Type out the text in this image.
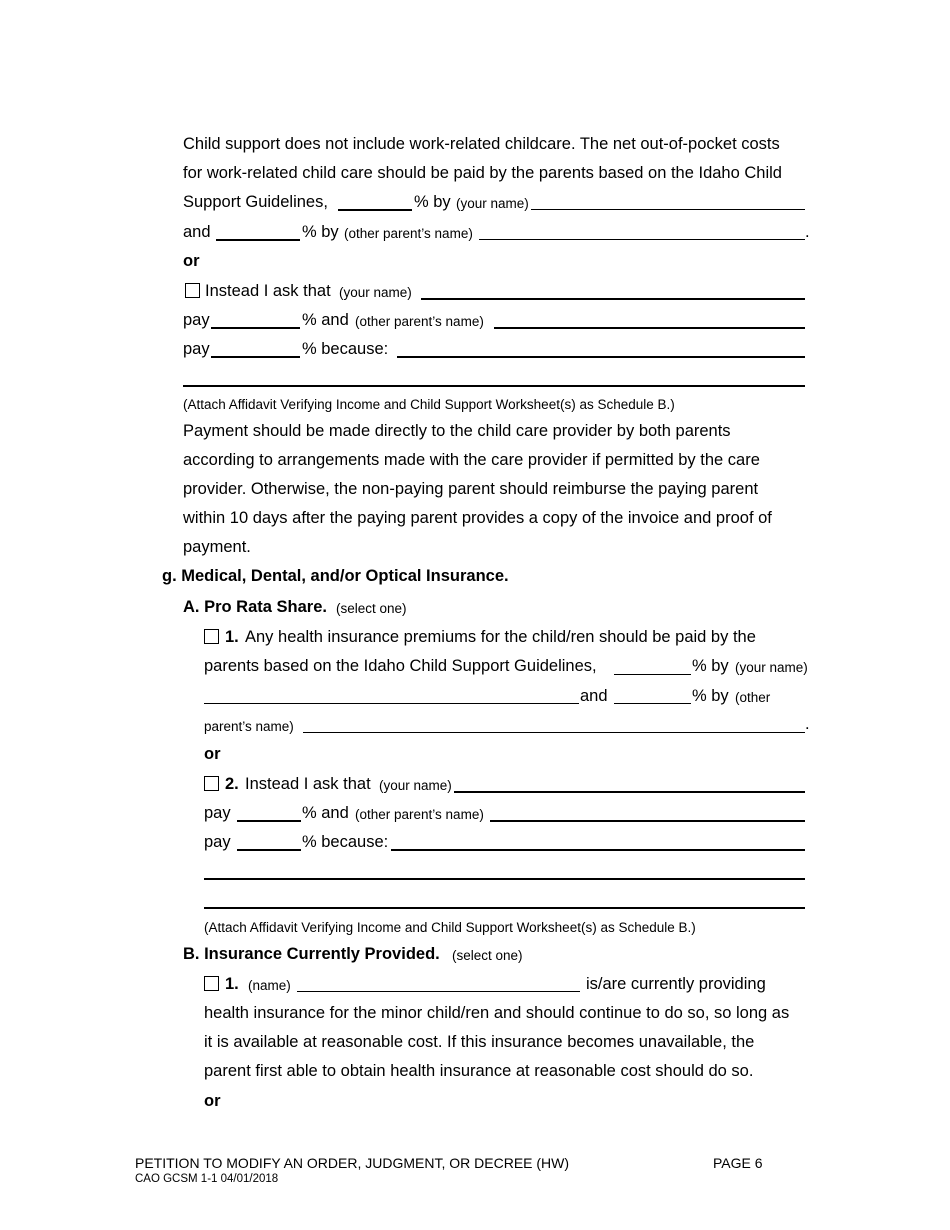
Child support does not include work-related childcare. The net out-of-pocket costs
for work-related child care should be paid by the parents based on the Idaho Child
Support Guidelines,	% by (your name)
and	% by (other parent’s name)	.
or
Instead I ask that (your name)
pay	% and (other parent’s name)
pay	% because:
(Attach Affidavit Verifying Income and Child Support Worksheet(s) as Schedule B.)
Payment should be made directly to the child care provider by both parents
according to arrangements made with the care provider if permitted by the care
provider. Otherwise, the non-paying parent should reimburse the paying parent
within 10 days after the paying parent provides a copy of the invoice and proof of
payment.
g. Medical, Dental, and/or Optical Insurance.
A. Pro Rata Share. (select one)
1. Any health insurance premiums for the child/ren should be paid by the
parents based on the Idaho Child Support Guidelines,	% by (your name)
and	% by (other
parent’s name)	.
or
2. Instead I ask that (your name)
pay	% and (other parent’s name)
pay	% because:
(Attach Affidavit Verifying Income and Child Support Worksheet(s) as Schedule B.)
B. Insurance Currently Provided. (select one)
1. (name)	is/are currently providing
health insurance for the minor child/ren and should continue to do so, so long as
it is available at reasonable cost. If this insurance becomes unavailable, the
parent first able to obtain health insurance at reasonable cost should do so.
or
PETITION TO MODIFY AN ORDER, JUDGMENT, OR DECREE (HW)	PAGE 6
CAO GCSM 1-1 04/01/2018
